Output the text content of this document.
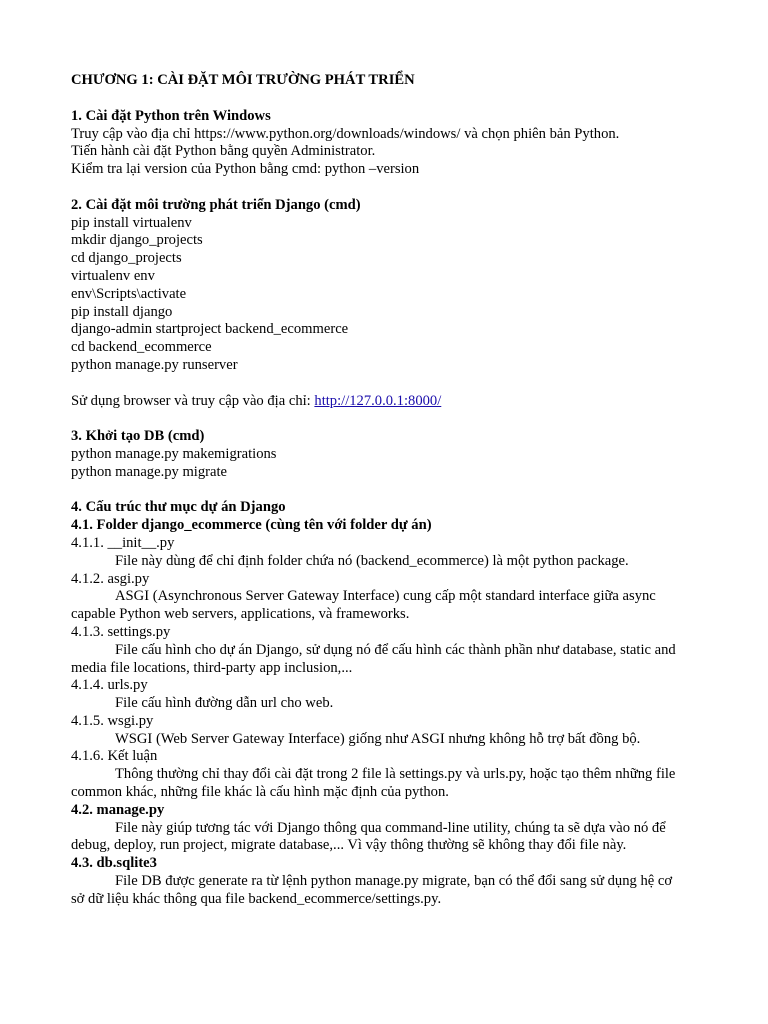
CHƯƠNG 1: CÀI ĐẶT MÔI TRƯỜNG PHÁT TRIỂN

1. Cài đặt Python trên Windows

Truy cập vào địa chỉ https://www.python.org/downloads/windows/ và chọn phiên bản Python.

Tiến hành cài đặt Python bằng quyền Administrator.

Kiểm tra lại version của Python bằng cmd: python –version

2. Cài đặt môi trường phát triển Django (cmd)

pip install virtualenv

mkdir django_projects

cd django_projects

virtualenv env

env\Scripts\activate

pip install django

django-admin startproject backend_ecommerce

cd backend_ecommerce

python manage.py runserver

Sử dụng browser và truy cập vào địa chỉ: http://127.0.0.1:8000/

3. Khởi tạo DB (cmd)

python manage.py makemigrations

python manage.py migrate

4. Cấu trúc thư mục dự án Django

4.1. Folder django_ecommerce (cùng tên với folder dự án)

4.1.1. __init__.py

File này dùng để chỉ định folder chứa nó (backend_ecommerce) là một python package.

4.1.2. asgi.py

ASGI (Asynchronous Server Gateway Interface) cung cấp một standard interface giữa async

capable Python web servers, applications, và frameworks.

4.1.3. settings.py

File cấu hình cho dự án Django, sử dụng nó để cấu hình các thành phần như database, static and

media file locations, third-party app inclusion,...

4.1.4. urls.py

File cấu hình đường dẫn url cho web.

4.1.5. wsgi.py

WSGI (Web Server Gateway Interface) giống như ASGI nhưng không hỗ trợ bất đồng bộ.

4.1.6. Kết luận

Thông thường chỉ thay đổi cài đặt trong 2 file là settings.py và urls.py, hoặc tạo thêm những file

common khác, những file khác là cấu hình mặc định của python.

4.2. manage.py

File này giúp tương tác với Django thông qua command-line utility, chúng ta sẽ dựa vào nó để

debug, deploy, run project, migrate database,... Vì vậy thông thường sẽ không thay đổi file này.

4.3. db.sqlite3

File DB được generate ra từ lệnh python manage.py migrate, bạn có thể đổi sang sử dụng hệ cơ

sở dữ liệu khác thông qua file backend_ecommerce/settings.py.
